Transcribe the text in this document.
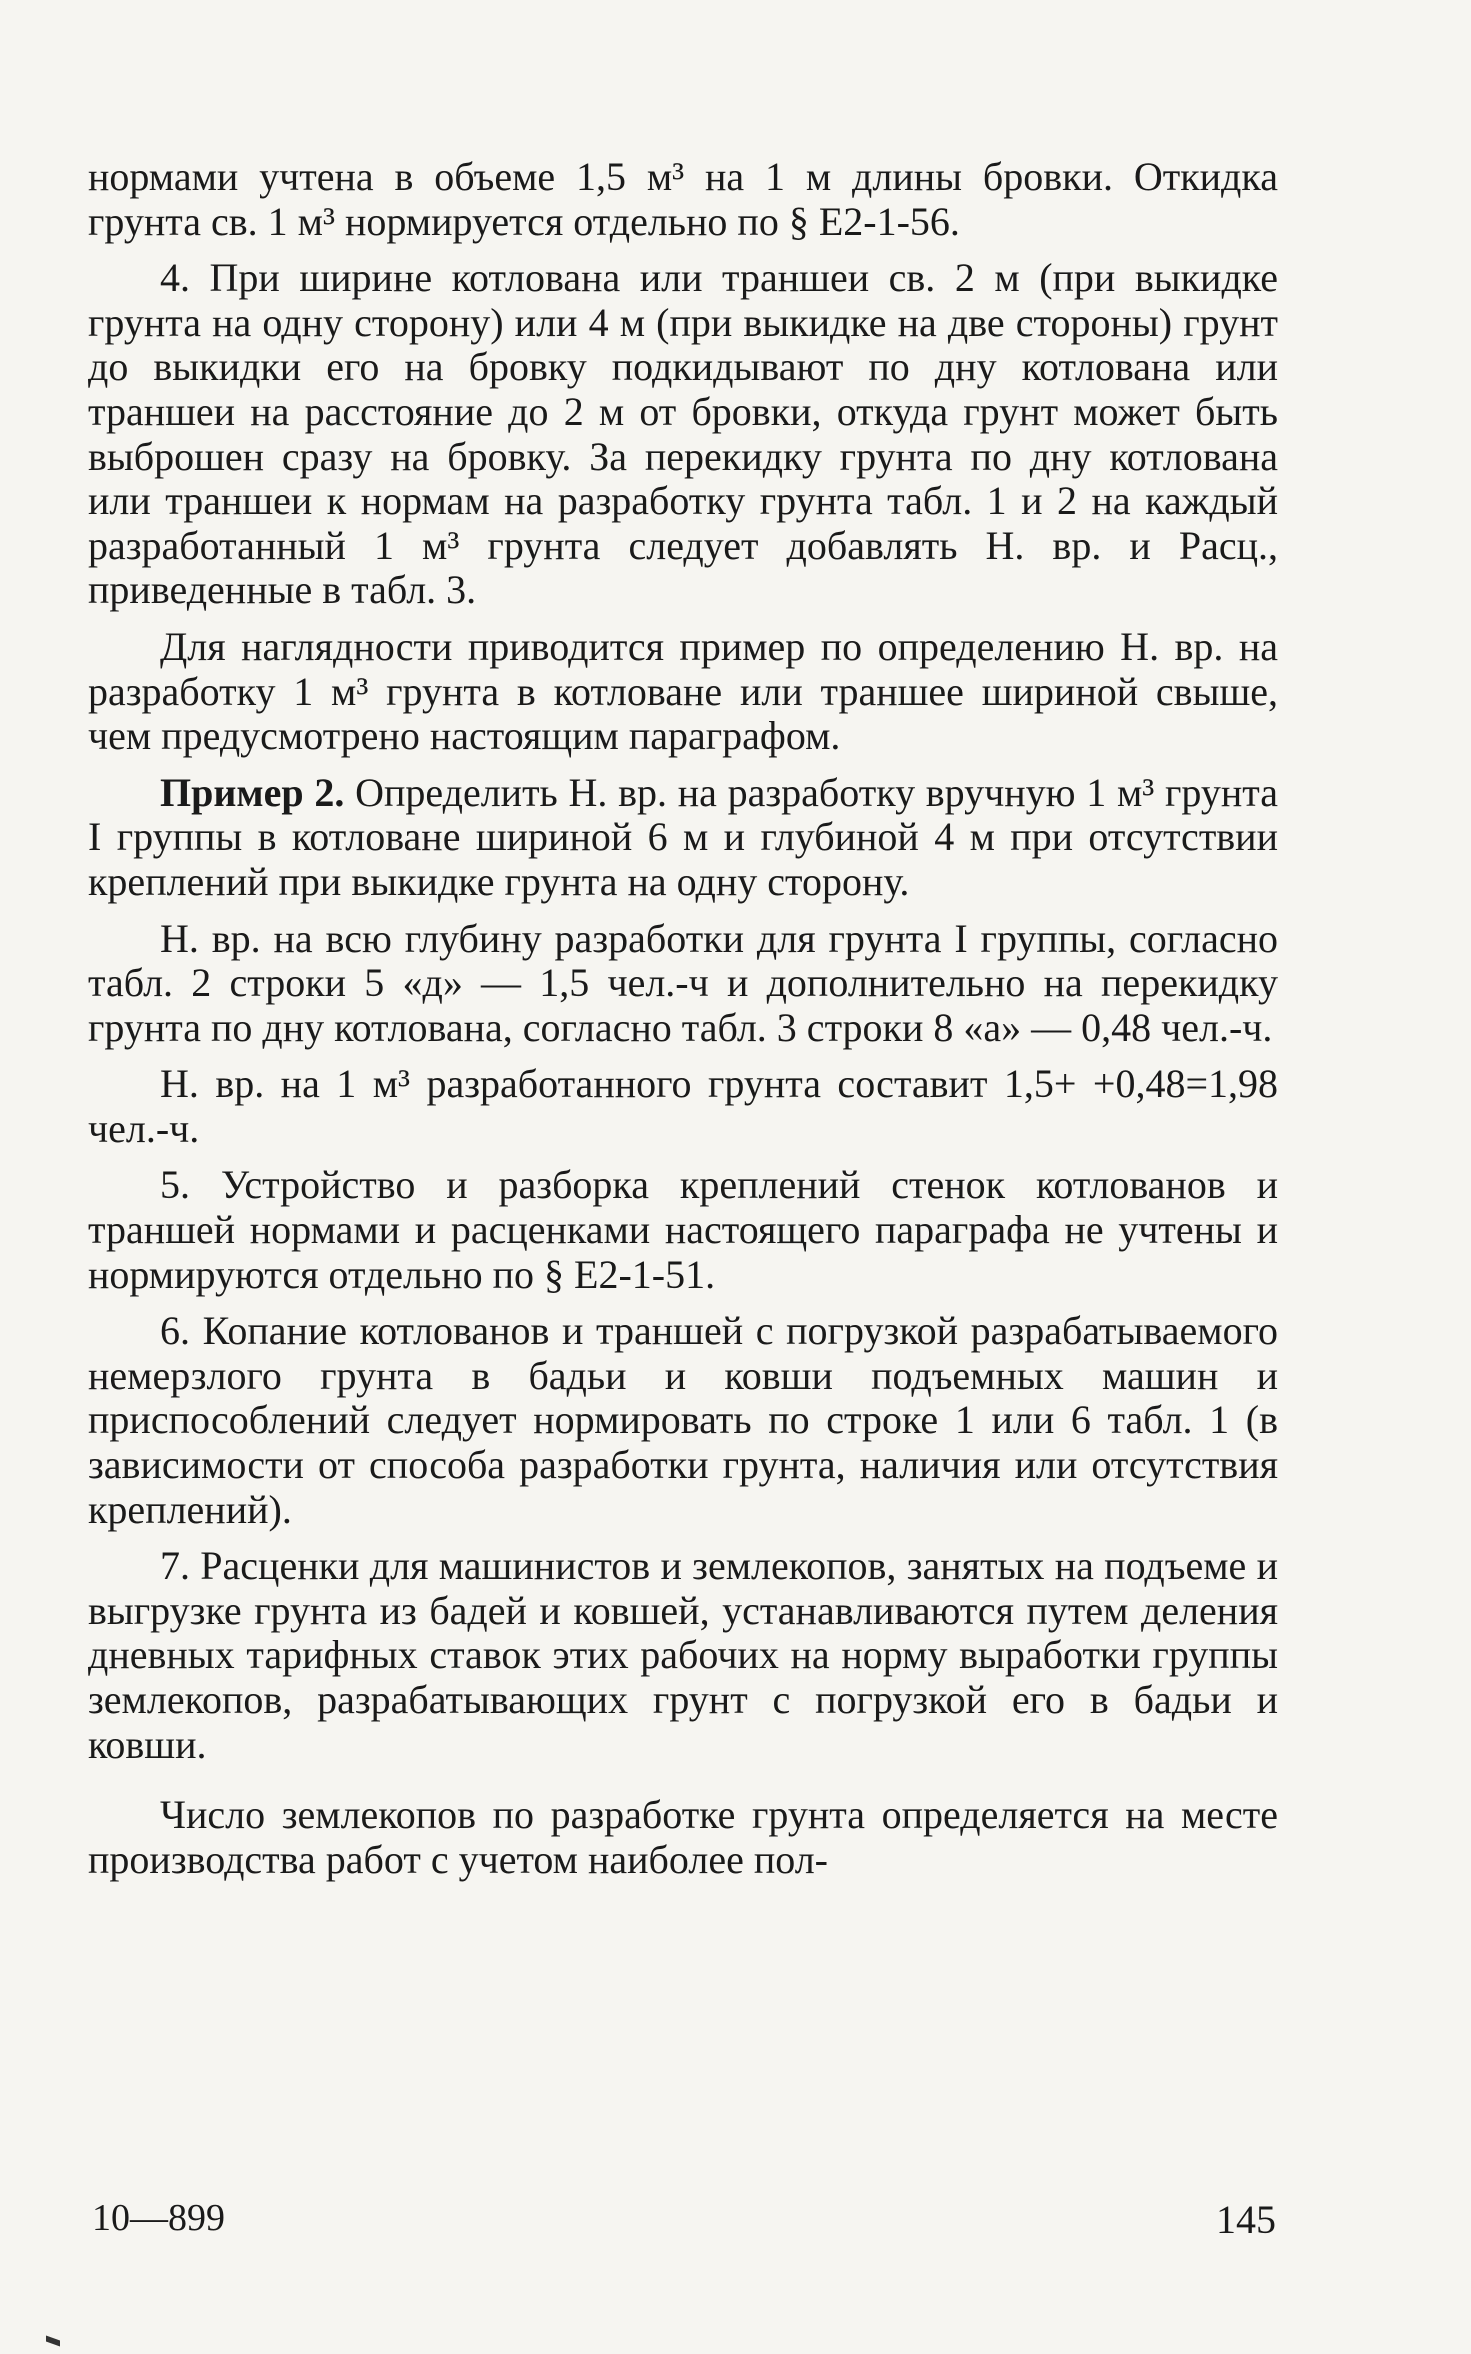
нормами учтена в объеме 1,5 м³ на 1 м длины бровки. Откидка грунта св. 1 м³ нормируется отдельно по § Е2-1-56.

4. При ширине котлована или траншеи св. 2 м (при выкидке грунта на одну сторону) или 4 м (при выкидке на две стороны) грунт до выкидки его на бровку подкидывают по дну котлована или траншеи на расстояние до 2 м от бровки, откуда грунт может быть выброшен сразу на бровку. За перекидку грунта по дну котлована или траншеи к нормам на разработку грунта табл. 1 и 2 на каждый разработанный 1 м³ грунта следует добавлять Н. вр. и Расц., приведенные в табл. 3.

Для наглядности приводится пример по определению Н. вр. на разработку 1 м³ грунта в котловане или траншее шириной свыше, чем предусмотрено настоящим параграфом.

Пример 2. Определить Н. вр. на разработку вручную 1 м³ грунта I группы в котловане шириной 6 м и глубиной 4 м при отсутствии креплений при выкидке грунта на одну сторону.

Н. вр. на всю глубину разработки для грунта I группы, согласно табл. 2 строки 5 «д» — 1,5 чел.-ч и дополнительно на перекидку грунта по дну котлована, согласно табл. 3 строки 8 «а» — 0,48 чел.-ч.

Н. вр. на 1 м³ разработанного грунта составит 1,5+ +0,48=1,98 чел.-ч.

5. Устройство и разборка креплений стенок котлованов и траншей нормами и расценками настоящего параграфа не учтены и нормируются отдельно по § Е2-1-51.

6. Копание котлованов и траншей с погрузкой разрабатываемого немерзлого грунта в бадьи и ковши подъемных машин и приспособлений следует нормировать по строке 1 или 6 табл. 1 (в зависимости от способа разработки грунта, наличия или отсутствия креплений).

7. Расценки для машинистов и землекопов, занятых на подъеме и выгрузке грунта из бадей и ковшей, устанавливаются путем деления дневных тарифных ставок этих рабочих на норму выработки группы землекопов, разрабатывающих грунт с погрузкой его в бадьи и ковши.

Число землекопов по разработке грунта определяется на месте производства работ с учетом наиболее пол-

10—899	145
